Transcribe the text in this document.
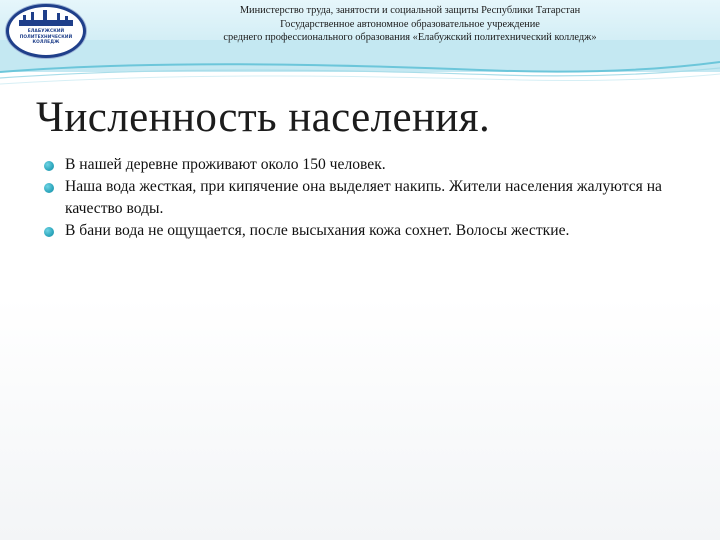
ЕЛАБУЖСКИЙ
ПОЛИТЕХНИЧЕСКИЙ
КОЛЛЕДЖ
Министерство труда, занятости и социальной защиты Республики Татарстан
Государственное автономное образовательное учреждение
среднего профессионального образования «Елабужский политехнический колледж»
Численность населения.
В нашей деревне проживают около 150 человек.
Наша вода жесткая, при кипячение она выделяет накипь. Жители населения жалуются на качество воды.
В бани вода не ощущается, после высыхания кожа сохнет. Волосы жесткие.
